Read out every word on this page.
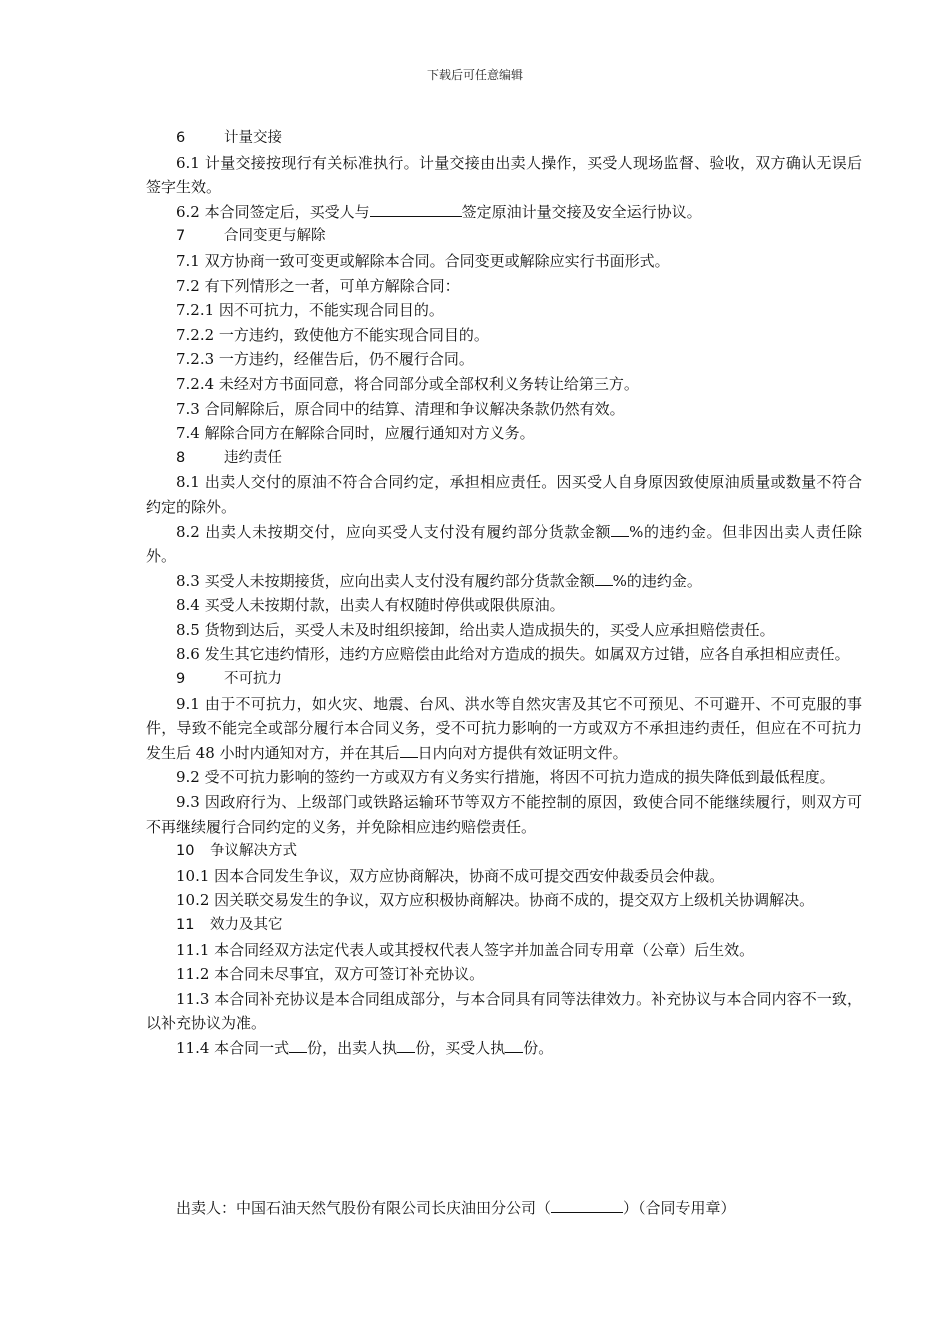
下载后可任意编辑
6	计量交接

6.1 计量交接按现行有关标准执行。计量交接由出卖人操作，买受人现场监督、验收，双方确认无误后签字生效。

6.2 本合同签定后，买受人与	签定原油计量交接及安全运行协议。

7	合同变更与解除

7.1 双方协商一致可变更或解除本合同。合同变更或解除应实行书面形式。

7.2 有下列情形之一者，可单方解除合同：

7.2.1 因不可抗力，不能实现合同目的。

7.2.2 一方违约，致使他方不能实现合同目的。

7.2.3 一方违约，经催告后，仍不履行合同。

7.2.4 未经对方书面同意，将合同部分或全部权利义务转让给第三方。

7.3 合同解除后，原合同中的结算、清理和争议解决条款仍然有效。

7.4 解除合同方在解除合同时，应履行通知对方义务。

8	违约责任

8.1 出卖人交付的原油不符合合同约定，承担相应责任。因买受人自身原因致使原油质量或数量不符合约定的除外。

8.2 出卖人未按期交付，应向买受人支付没有履约部分货款金额 %的违约金。但非因出卖人责任除外。

8.3 买受人未按期接货，应向出卖人支付没有履约部分货款金额 %的违约金。

8.4 买受人未按期付款，出卖人有权随时停供或限供原油。

8.5 货物到达后，买受人未及时组织接卸，给出卖人造成损失的，买受人应承担赔偿责任。

8.6 发生其它违约情形，违约方应赔偿由此给对方造成的损失。如属双方过错，应各自承担相应责任。

9	不可抗力

9.1 由于不可抗力，如火灾、地震、台风、洪水等自然灾害及其它不可预见、不可避开、不可克服的事件，导致不能完全或部分履行本合同义务，受不可抗力影响的一方或双方不承担违约责任，但应在不可抗力发生后 48 小时内通知对方，并在其后 日内向对方提供有效证明文件。

9.2 受不可抗力影响的签约一方或双方有义务实行措施，将因不可抗力造成的损失降低到最低程度。

9.3 因政府行为、上级部门或铁路运输环节等双方不能控制的原因，致使合同不能继续履行，则双方可不再继续履行合同约定的义务，并免除相应违约赔偿责任。

10 争议解决方式

10.1 因本合同发生争议，双方应协商解决，协商不成可提交西安仲裁委员会仲裁。

10.2 因关联交易发生的争议，双方应积极协商解决。协商不成的，提交双方上级机关协调解决。

11 效力及其它

11.1 本合同经双方法定代表人或其授权代表人签字并加盖合同专用章（公章）后生效。

11.2 本合同未尽事宜，双方可签订补充协议。

11.3 本合同补充协议是本合同组成部分，与本合同具有同等法律效力。补充协议与本合同内容不一致，以补充协议为准。

11.4 本合同一式 份，出卖人执 份，买受人执 份。

出卖人：中国石油天然气股份有限公司长庆油田分公司（	）（合同专用章）
